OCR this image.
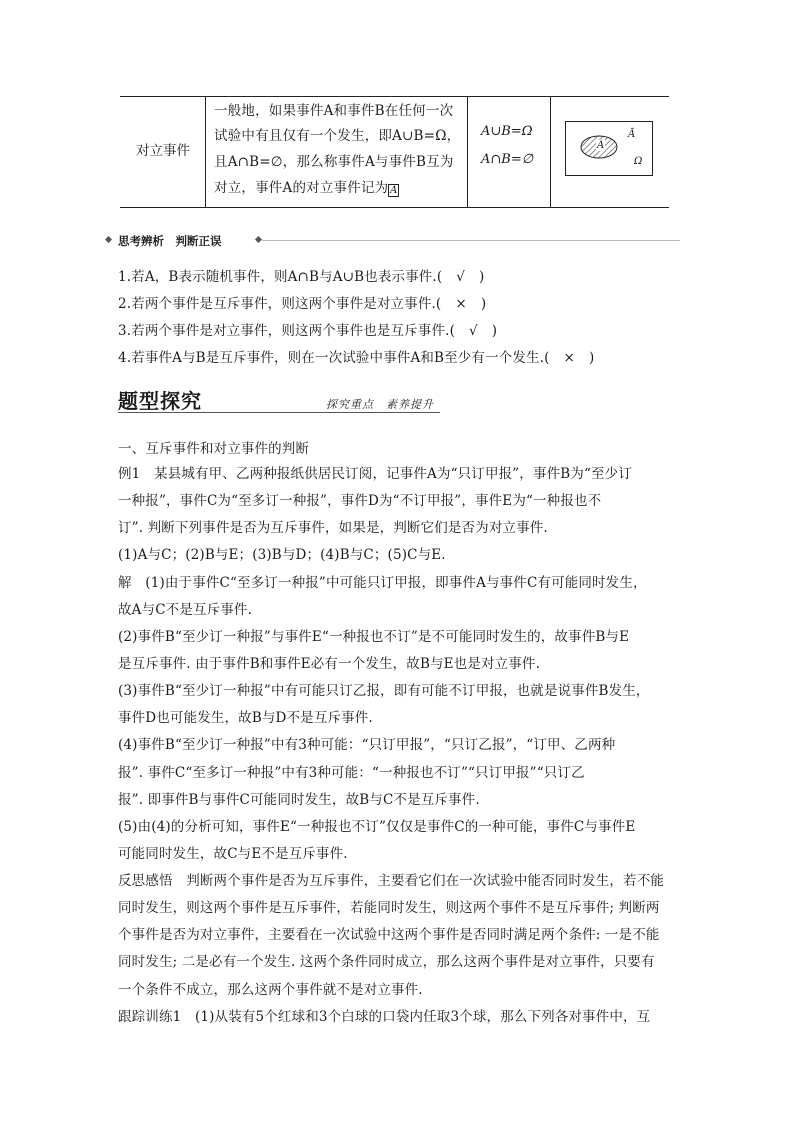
对立事件
一般地，如果事件A和事件B在任何一次
试验中有且仅有一个发生，即A∪B=Ω，
且A∩B=∅，那么称事件A与事件B互为
对立，事件A的对立事件记为 A
A∪B=Ω
A∩B=∅
A
Ā
Ω
思考辨析　判断正误
1.若A，B表示随机事件，则A∩B与A∪B也表示事件.( √ )
2.若两个事件是互斥事件，则这两个事件是对立事件.( × )
3.若两个事件是对立事件，则这两个事件也是互斥事件.( √ )
4.若事件A与B是互斥事件，则在一次试验中事件A和B至少有一个发生.( × )
题型探究	探究重点　素养提升
一、互斥事件和对立事件的判断
例1　某县城有甲、乙两种报纸供居民订阅，记事件A为“只订甲报”，事件B为“至少订
一种报”，事件C为“至多订一种报”，事件D为“不订甲报”，事件E为“一种报也不
订”. 判断下列事件是否为互斥事件，如果是，判断它们是否为对立事件.
(1)A与C；(2)B与E；(3)B与D；(4)B与C；(5)C与E.
解　(1)由于事件C“至多订一种报”中可能只订甲报，即事件A与事件C有可能同时发生，
故A与C不是互斥事件.
(2)事件B“至少订一种报”与事件E“一种报也不订”是不可能同时发生的，故事件B与E
是互斥事件. 由于事件B和事件E必有一个发生，故B与E也是对立事件.
(3)事件B“至少订一种报”中有可能只订乙报，即有可能不订甲报，也就是说事件B发生，
事件D也可能发生，故B与D不是互斥事件.
(4)事件B“至少订一种报”中有3种可能：“只订甲报”，“只订乙报”，“订甲、乙两种
报”. 事件C“至多订一种报”中有3种可能：“一种报也不订”“只订甲报”“只订乙
报”. 即事件B与事件C可能同时发生，故B与C不是互斥事件.
(5)由(4)的分析可知，事件E“一种报也不订”仅仅是事件C的一种可能，事件C与事件E
可能同时发生，故C与E不是互斥事件.
反思感悟　判断两个事件是否为互斥事件，主要看它们在一次试验中能否同时发生，若不能
同时发生，则这两个事件是互斥事件，若能同时发生，则这两个事件不是互斥事件; 判断两
个事件是否为对立事件，主要看在一次试验中这两个事件是否同时满足两个条件: 一是不能
同时发生; 二是必有一个发生. 这两个条件同时成立，那么这两个事件是对立事件，只要有
一个条件不成立，那么这两个事件就不是对立事件.
跟踪训练1　(1)从装有5个红球和3个白球的口袋内任取3个球，那么下列各对事件中，互
